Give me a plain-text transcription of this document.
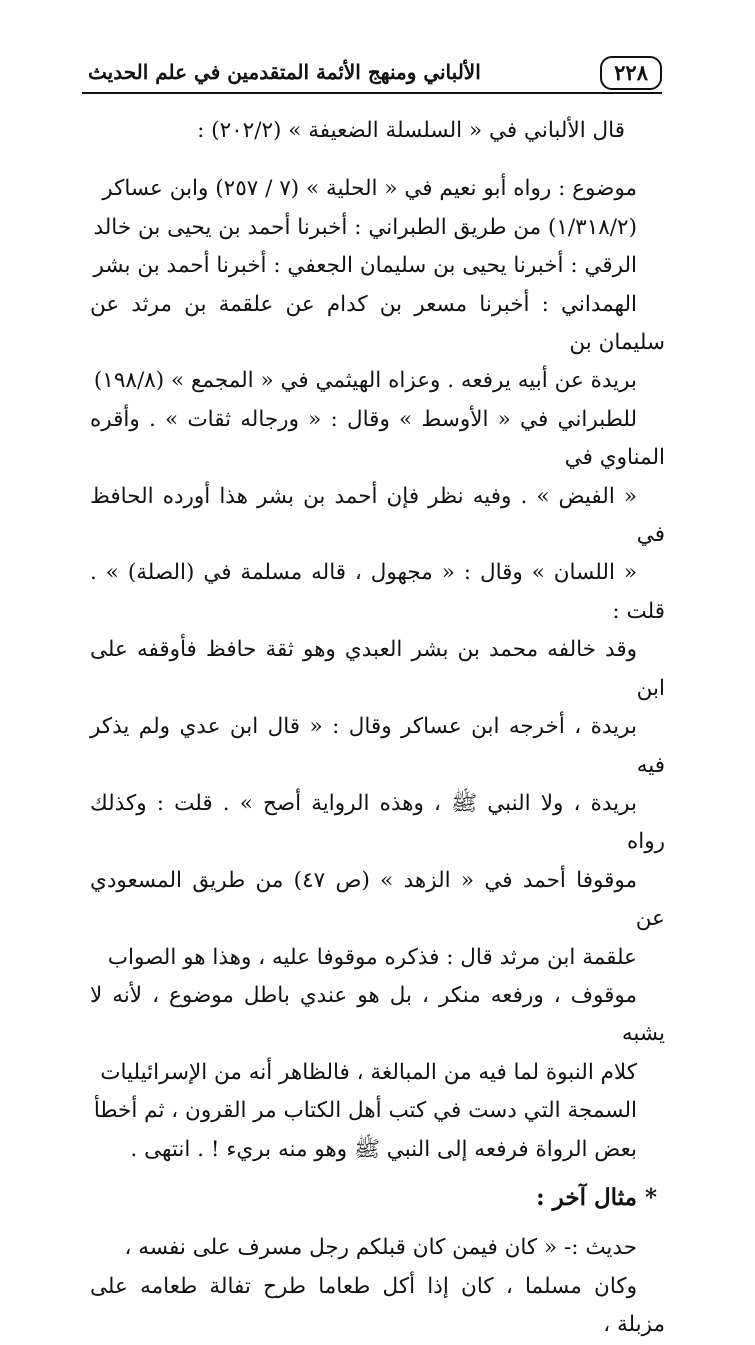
٢٢٨
الألباني ومنهج الأئمة المتقدمين في علم الحديث

قال الألباني في « السلسلة الضعيفة » (٢٠٢/٢) :

موضوع : رواه أبو نعيم في « الحلية » (٧ / ٢٥٧) وابن عساكر
(١/٣١٨/٢) من طريق الطبراني : أخبرنا أحمد بن يحيى بن خالد
الرقي : أخبرنا يحيى بن سليمان الجعفي : أخبرنا أحمد بن بشر
الهمداني : أخبرنا مسعر بن كدام عن علقمة بن مرثد عن سليمان بن
بريدة عن أبيه يرفعه . وعزاه الهيثمي في « المجمع » (١٩٨/٨)
للطبراني في « الأوسط » وقال : « ورجاله ثقات » . وأقره المناوي في
« الفيض » . وفيه نظر فإن أحمد بن بشر هذا أورده الحافظ في
« اللسان » وقال : « مجهول ، قاله مسلمة في (الصلة) » . قلت :
وقد خالفه محمد بن بشر العبدي وهو ثقة حافظ فأوقفه على ابن
بريدة ، أخرجه ابن عساكر وقال : « قال ابن عدي ولم يذكر فيه
بريدة ، ولا النبي ﷺ ، وهذه الرواية أصح » . قلت : وكذلك رواه
موقوفا أحمد في « الزهد » (ص ٤٧) من طريق المسعودي عن
علقمة ابن مرثد قال : فذكره موقوفا عليه ، وهذا هو الصواب
موقوف ، ورفعه منكر ، بل هو عندي باطل موضوع ، لأنه لا يشبه
كلام النبوة لما فيه من المبالغة ، فالظاهر أنه من الإسرائيليات
السمجة التي دست في كتب أهل الكتاب مر القرون ، ثم أخطأ
بعض الرواة فرفعه إلى النبي ﷺ وهو منه بريء ! . انتهى .

* مثال آخر :

حديث :- « كان فيمن كان قبلكم رجل مسرف على نفسه ،
وكان مسلما ، كان إذا أكل طعاما طرح تفالة طعامه على مزبلة ،
